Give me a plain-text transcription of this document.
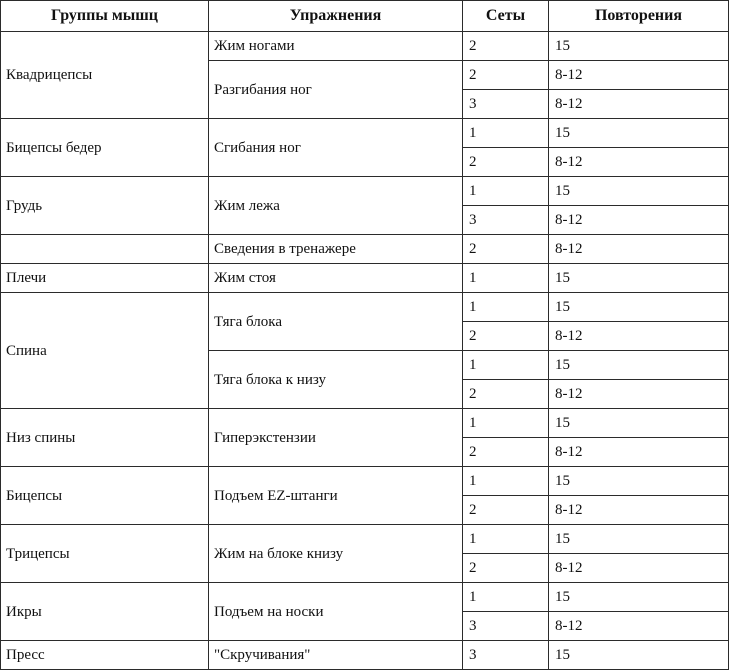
Группы мышц	Упражнения	Сеты	Повторения
Квадрицепсы	Жим ногами	2	15
	Разгибания ног	2	8-12
		3	8-12
Бицепсы бедер	Сгибания ног	1	15
		2	8-12
Грудь	Жим лежа	1	15
		3	8-12
	Сведения в тренажере	2	8-12
Плечи	Жим стоя	1	15
Спина	Тяга блока	1	15
		2	8-12
	Тяга блока к низу	1	15
		2	8-12
Низ спины	Гиперэкстензии	1	15
		2	8-12
Бицепсы	Подъем EZ-штанги	1	15
		2	8-12
Трицепсы	Жим на блоке книзу	1	15
		2	8-12
Икры	Подъем на носки	1	15
		3	8-12
Пресс	"Скручивания"	3	15
